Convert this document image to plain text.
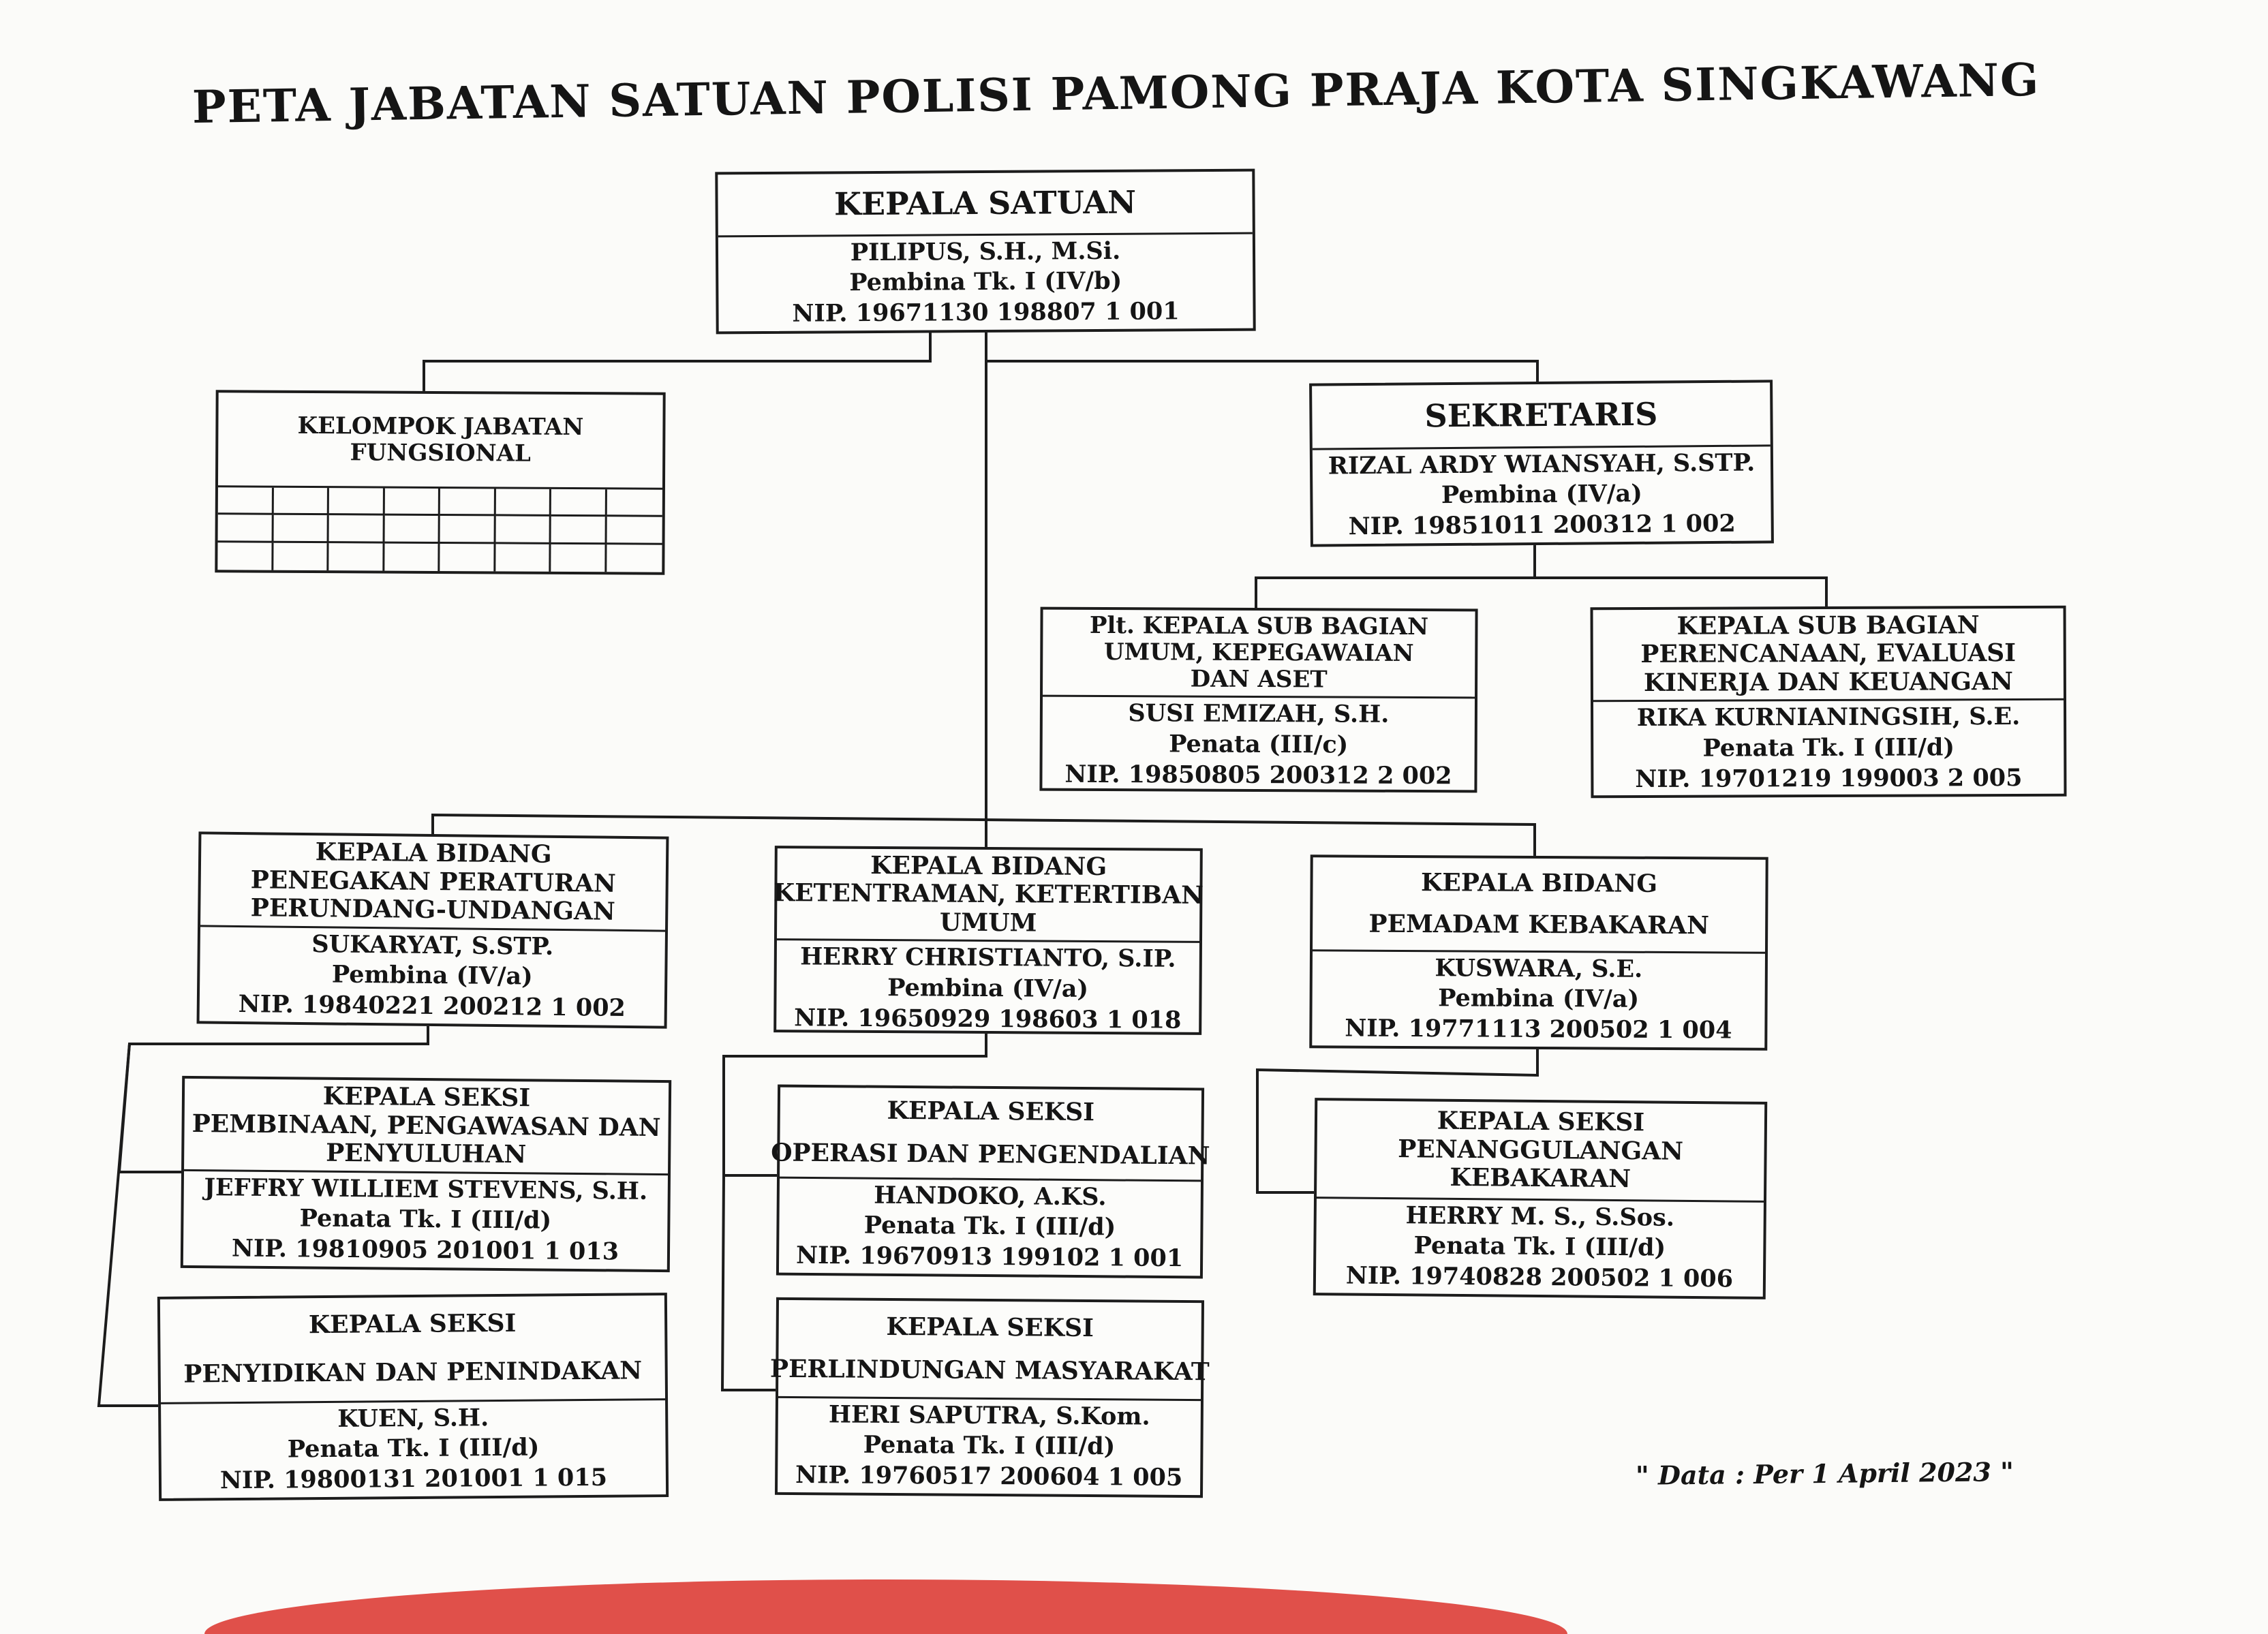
PETA JABATAN SATUAN POLISI PAMONG PRAJA KOTA SINGKAWANG
KEPALA SATUAN
PILIPUS, S.H., M.Si.
Pembina Tk. I (IV/b)
NIP. 19671130 198807 1 001
KELOMPOK JABATAN
FUNGSIONAL
SEKRETARIS
RIZAL ARDY WIANSYAH, S.STP.
Pembina (IV/a)
NIP. 19851011 200312 1 002
Plt. KEPALA SUB BAGIAN
UMUM, KEPEGAWAIAN
DAN ASET
SUSI EMIZAH, S.H.
Penata (III/c)
NIP. 19850805 200312 2 002
KEPALA SUB BAGIAN
PERENCANAAN, EVALUASI
KINERJA DAN KEUANGAN
RIKA KURNIANINGSIH, S.E.
Penata Tk. I (III/d)
NIP. 19701219 199003 2 005
KEPALA BIDANG
PENEGAKAN PERATURAN
PERUNDANG-UNDANGAN
SUKARYAT, S.STP.
Pembina (IV/a)
NIP. 19840221 200212 1 002
KEPALA BIDANG
KETENTRAMAN, KETERTIBAN
UMUM
HERRY CHRISTIANTO, S.IP.
Pembina (IV/a)
NIP. 19650929 198603 1 018
KEPALA BIDANG
PEMADAM KEBAKARAN
KUSWARA, S.E.
Pembina (IV/a)
NIP. 19771113 200502 1 004
KEPALA SEKSI
PEMBINAAN, PENGAWASAN DAN
PENYULUHAN
JEFFRY WILLIEM STEVENS, S.H.
Penata Tk. I (III/d)
NIP. 19810905 201001 1 013
KEPALA SEKSI
PENYIDIKAN DAN PENINDAKAN
KUEN, S.H.
Penata Tk. I (III/d)
NIP. 19800131 201001 1 015
KEPALA SEKSI
OPERASI DAN PENGENDALIAN
HANDOKO, A.KS.
Penata Tk. I (III/d)
NIP. 19670913 199102 1 001
KEPALA SEKSI
PERLINDUNGAN MASYARAKAT
HERI SAPUTRA, S.Kom.
Penata Tk. I (III/d)
NIP. 19760517 200604 1 005
KEPALA SEKSI
PENANGGULANGAN
KEBAKARAN
HERRY M. S., S.Sos.
Penata Tk. I (III/d)
NIP. 19740828 200502 1 006
" Data : Per 1 April 2023 "
